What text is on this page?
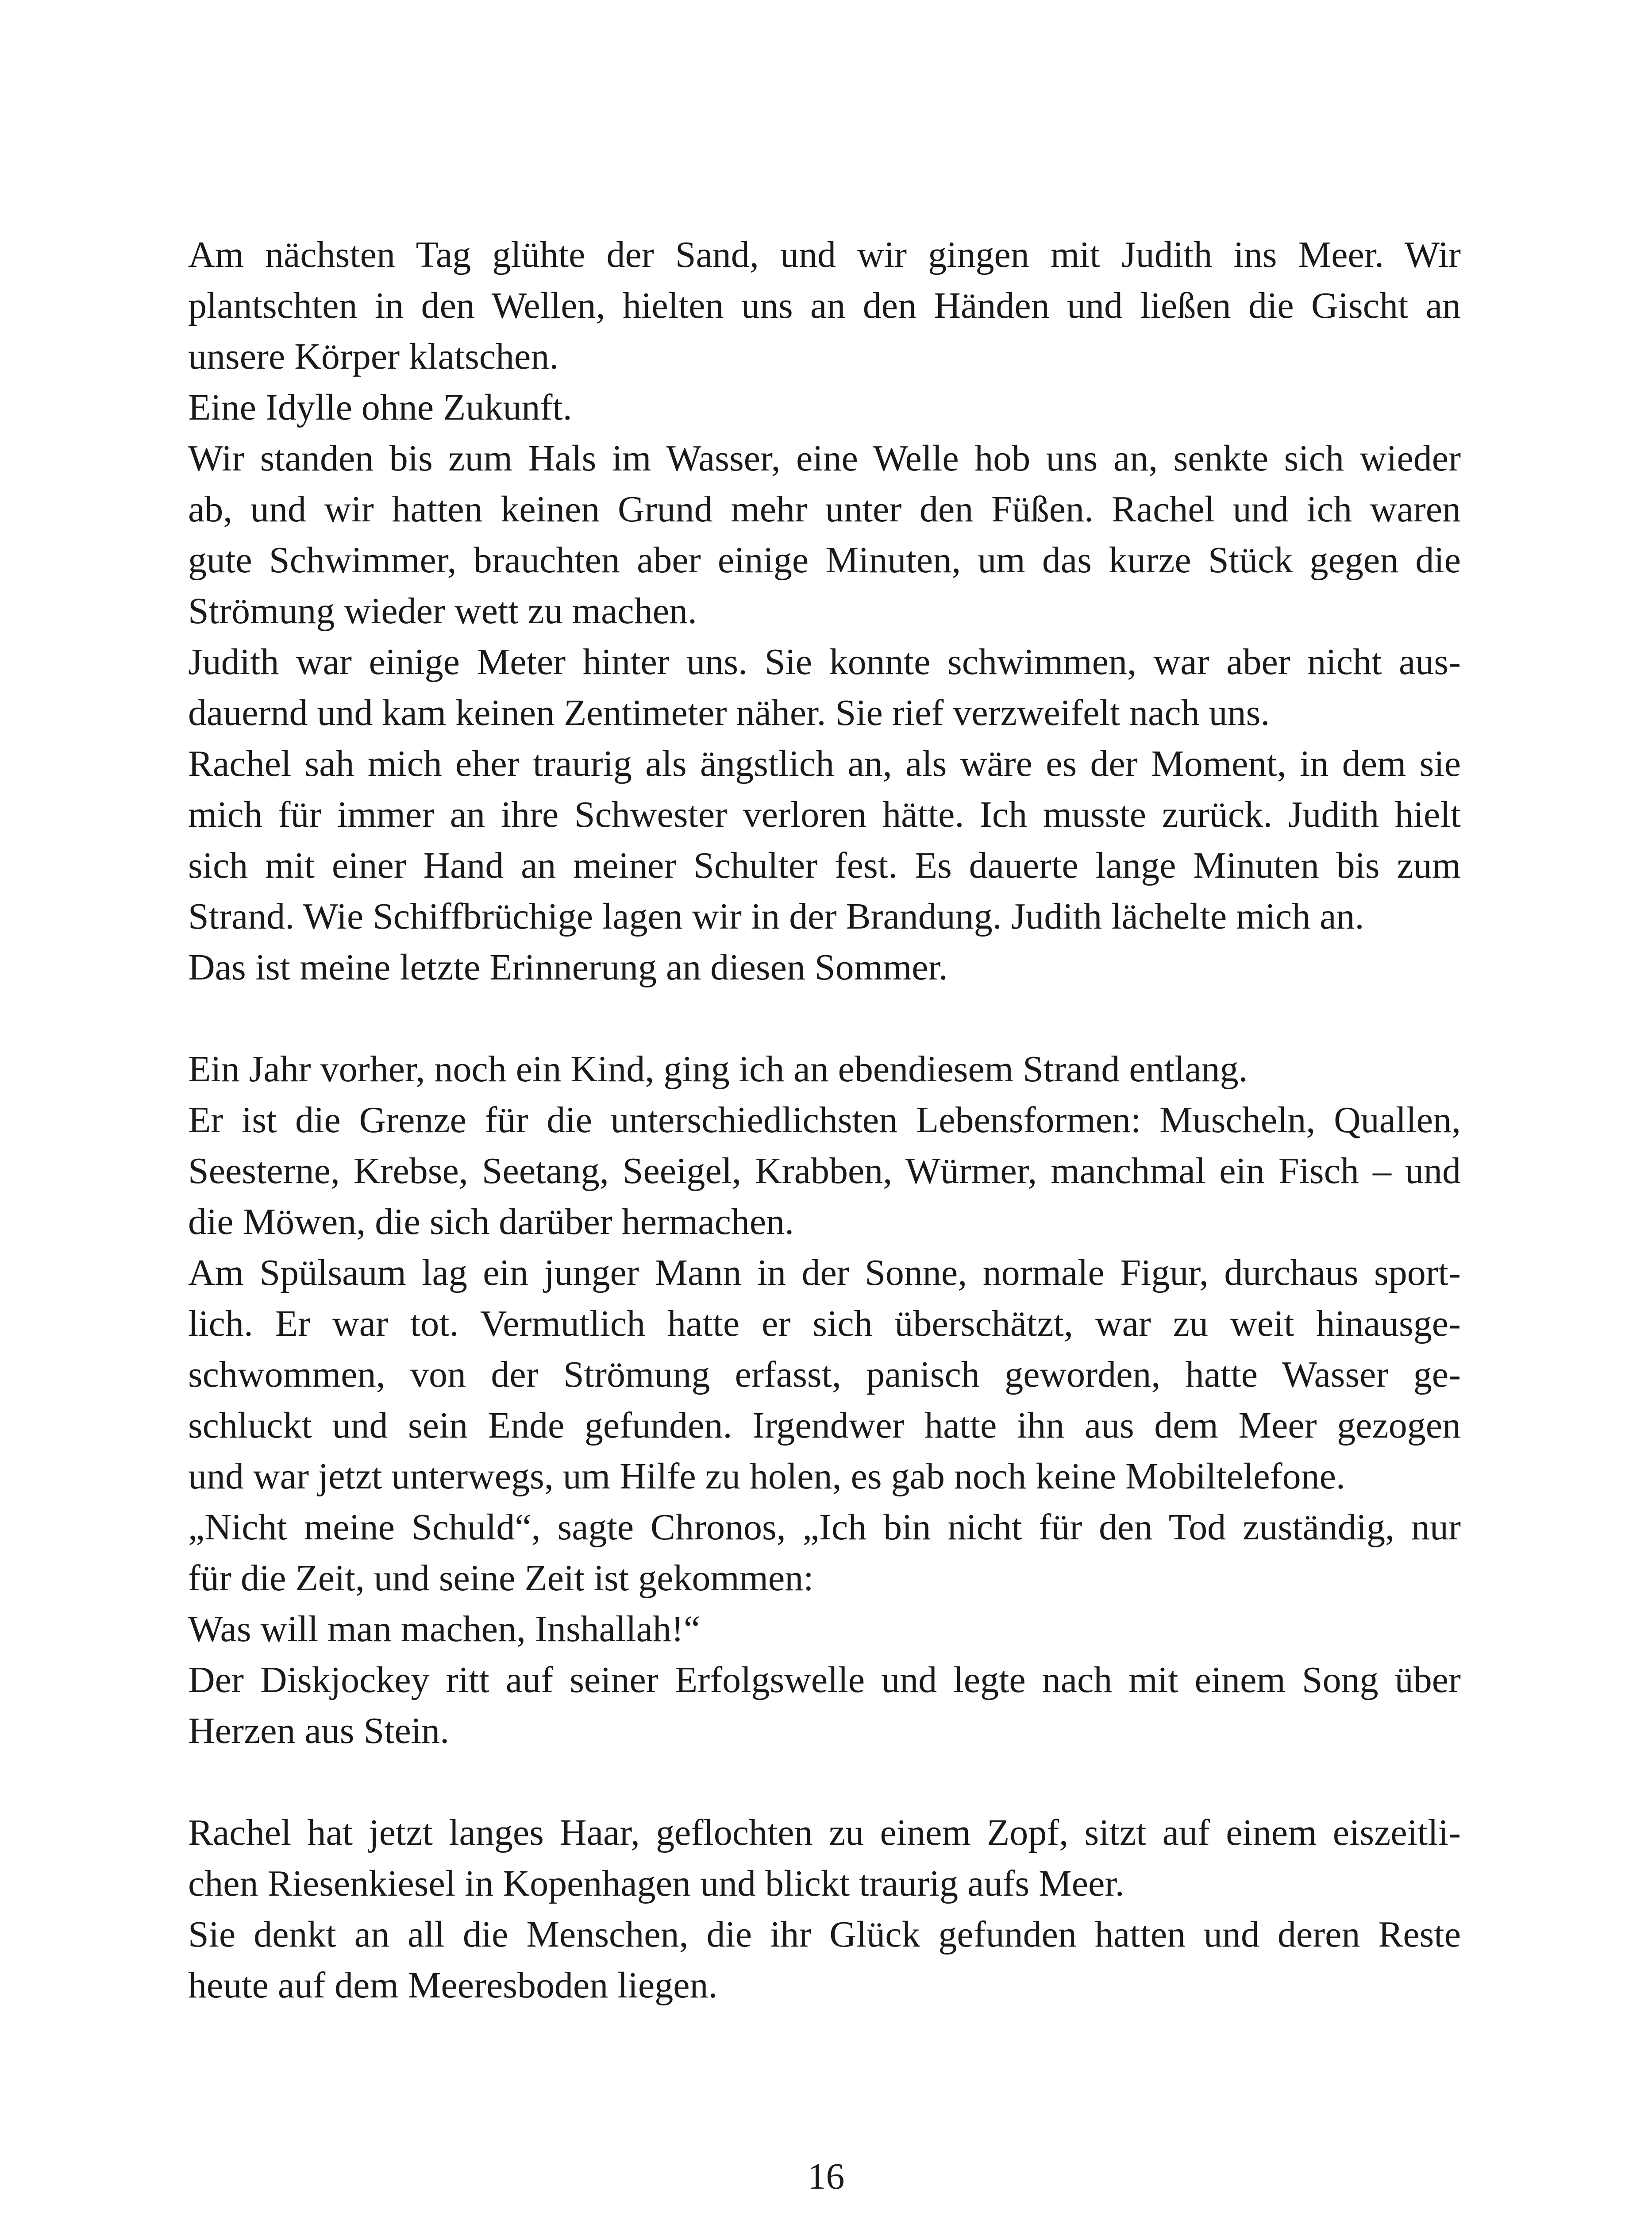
Am nächsten Tag glühte der Sand, und wir gingen mit Judith ins Meer. Wir
plantschten in den Wellen, hielten uns an den Händen und ließen die Gischt an
unsere Körper klatschen.
Eine Idylle ohne Zukunft.
Wir standen bis zum Hals im Wasser, eine Welle hob uns an, senkte sich wieder
ab, und wir hatten keinen Grund mehr unter den Füßen. Rachel und ich waren
gute Schwimmer, brauchten aber einige Minuten, um das kurze Stück gegen die
Strömung wieder wett zu machen.
Judith war einige Meter hinter uns. Sie konnte schwimmen, war aber nicht aus-
dauernd und kam keinen Zentimeter näher. Sie rief verzweifelt nach uns.
Rachel sah mich eher traurig als ängstlich an, als wäre es der Moment, in dem sie
mich für immer an ihre Schwester verloren hätte. Ich musste zurück. Judith hielt
sich mit einer Hand an meiner Schulter fest. Es dauerte lange Minuten bis zum
Strand. Wie Schiffbrüchige lagen wir in der Brandung. Judith lächelte mich an.
Das ist meine letzte Erinnerung an diesen Sommer.
Ein Jahr vorher, noch ein Kind, ging ich an ebendiesem Strand entlang.
Er ist die Grenze für die unterschiedlichsten Lebensformen: Muscheln, Quallen,
Seesterne, Krebse, Seetang, Seeigel, Krabben, Würmer, manchmal ein Fisch – und
die Möwen, die sich darüber hermachen.
Am Spülsaum lag ein junger Mann in der Sonne, normale Figur, durchaus sport-
lich. Er war tot. Vermutlich hatte er sich überschätzt, war zu weit hinausge-
schwommen, von der Strömung erfasst, panisch geworden, hatte Wasser ge-
schluckt und sein Ende gefunden. Irgendwer hatte ihn aus dem Meer gezogen
und war jetzt unterwegs, um Hilfe zu holen, es gab noch keine Mobiltelefone.
„Nicht meine Schuld“, sagte Chronos, „Ich bin nicht für den Tod zuständig, nur
für die Zeit, und seine Zeit ist gekommen:
Was will man machen, Inshallah!“
Der Diskjockey ritt auf seiner Erfolgswelle und legte nach mit einem Song über
Herzen aus Stein.
Rachel hat jetzt langes Haar, geflochten zu einem Zopf, sitzt auf einem eiszeitli-
chen Riesenkiesel in Kopenhagen und blickt traurig aufs Meer.
Sie denkt an all die Menschen, die ihr Glück gefunden hatten und deren Reste
heute auf dem Meeresboden liegen.
16
